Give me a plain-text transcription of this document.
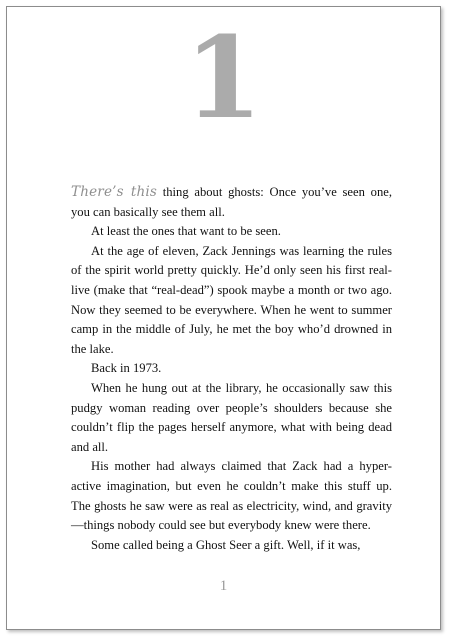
1

There’s this thing about ghosts: Once you’ve seen one, you can basically see them all.

At least the ones that want to be seen.

At the age of eleven, Zack Jennings was learning the rules of the spirit world pretty quickly. He’d only seen his first real-live (make that “real-dead”) spook maybe a month or two ago. Now they seemed to be everywhere. When he went to summer camp in the middle of July, he met the boy who’d drowned in the lake.

Back in 1973.

When he hung out at the library, he occasionally saw this pudgy woman reading over people’s shoulders because she couldn’t flip the pages herself anymore, what with being dead and all.

His mother had always claimed that Zack had a hyper-active imagination, but even he couldn’t make this stuff up. The ghosts he saw were as real as electricity, wind, and gravity—things nobody could see but everybody knew were there.

Some called being a Ghost Seer a gift. Well, if it was,

1
